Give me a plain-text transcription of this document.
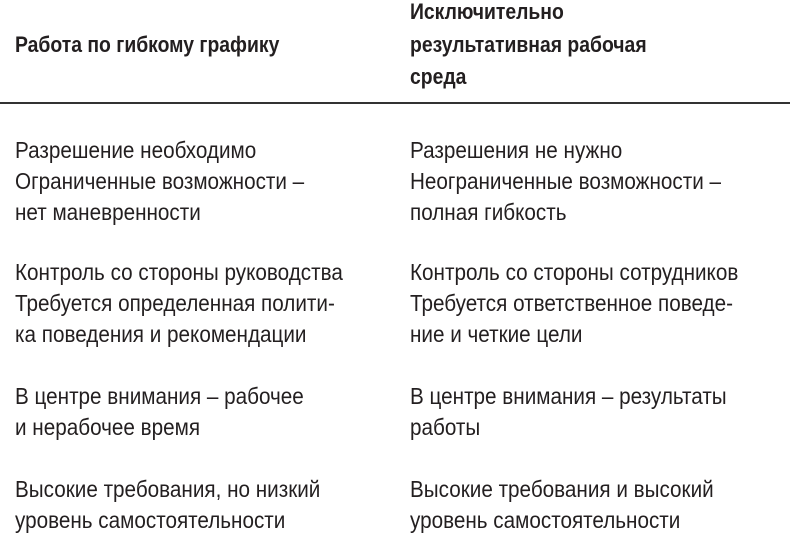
Работа по гибкому графику
Исключительно
результативная рабочая
среда
Разрешение необходимо
Ограниченные возможности –
нет маневренности
Разрешения не нужно
Неограниченные возможности –
полная гибкость
Контроль со стороны руководства
Требуется определенная полити-
ка поведения и рекомендации
Контроль со стороны сотрудников
Требуется ответственное поведе-
ние и четкие цели
В центре внимания – рабочее
и нерабочее время
В центре внимания – результаты
работы
Высокие требования, но низкий
уровень самостоятельности
Высокие требования и высокий
уровень самостоятельности
